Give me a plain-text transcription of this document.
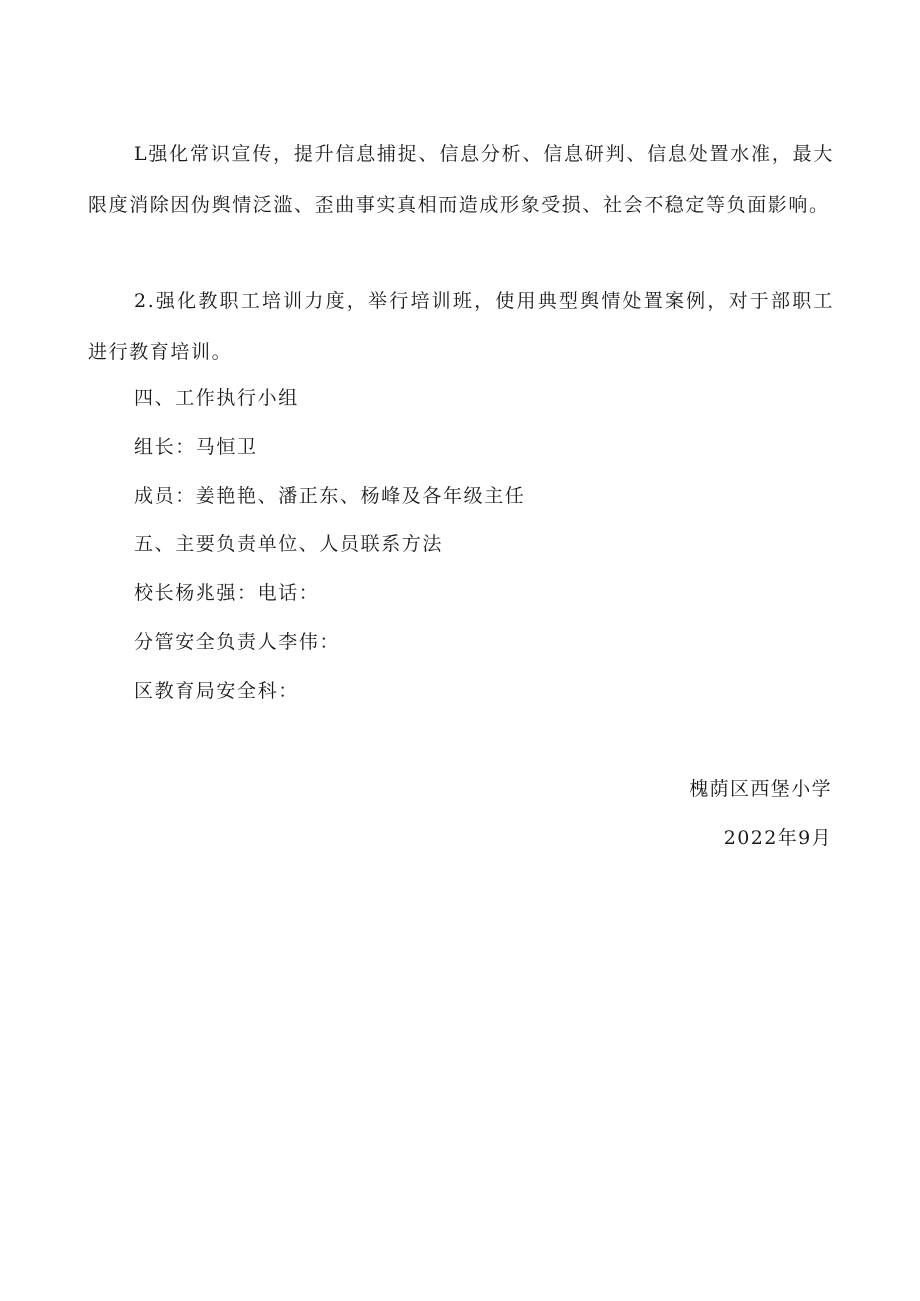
L强化常识宣传，提升信息捕捉、信息分析、信息研判、信息处置水准，最大限度消除因伪舆情泛滥、歪曲事实真相而造成形象受损、社会不稳定等负面影响。

2.强化教职工培训力度，举行培训班，使用典型舆情处置案例，对于部职工进行教育培训。

四、工作执行小组

组长：马恒卫

成员：姜艳艳、潘正东、杨峰及各年级主任

五、主要负责单位、人员联系方法

校长杨兆强：电话：

分管安全负责人李伟：

区教育局安全科：

槐荫区西堡小学

2022年9月
